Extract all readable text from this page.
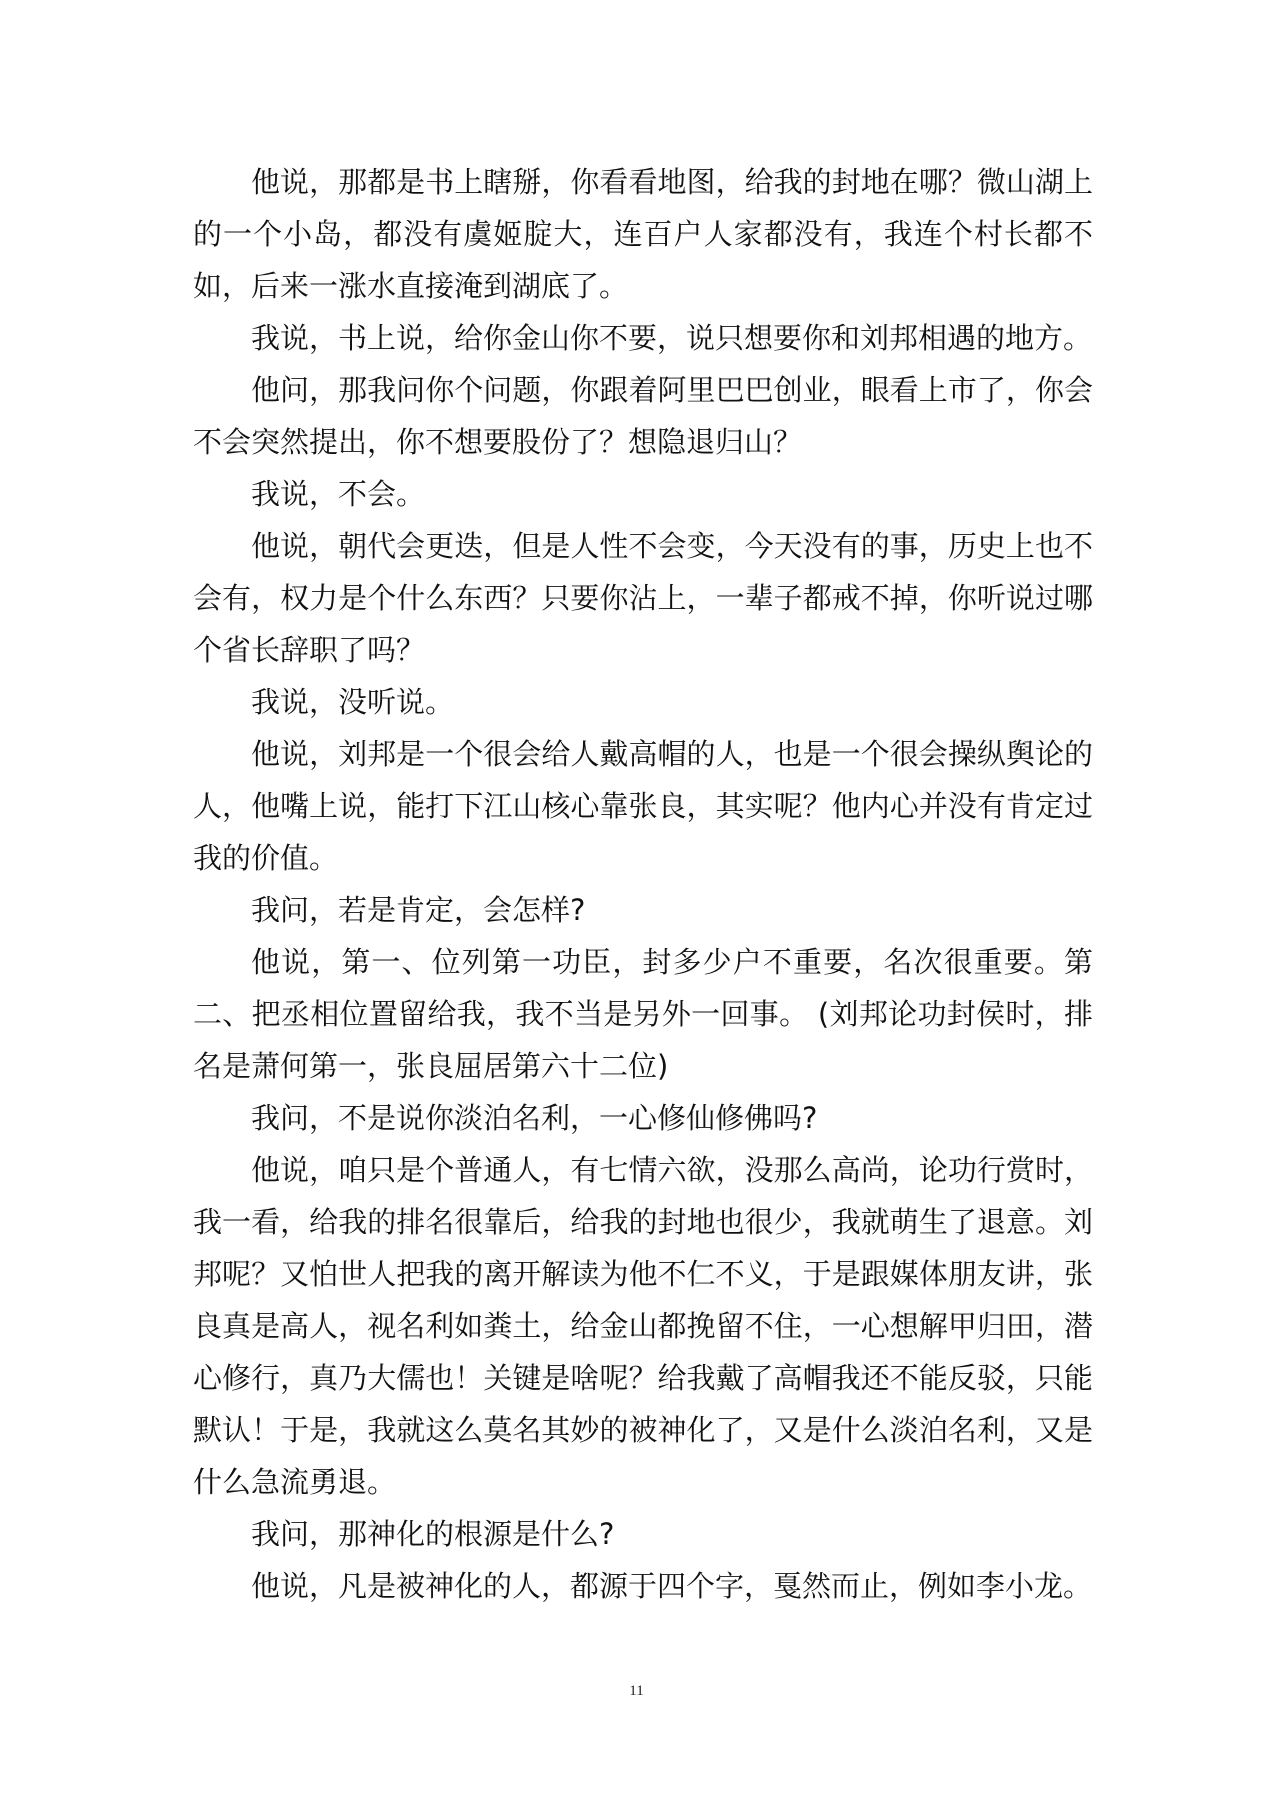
他说，那都是书上瞎掰，你看看地图，给我的封地在哪？微山湖上的一个小岛，都没有虞姬腚大，连百户人家都没有，我连个村长都不如，后来一涨水直接淹到湖底了。

我说，书上说，给你金山你不要，说只想要你和刘邦相遇的地方。

他问，那我问你个问题，你跟着阿里巴巴创业，眼看上市了，你会不会突然提出，你不想要股份了？想隐退归山？

我说，不会。

他说，朝代会更迭，但是人性不会变，今天没有的事，历史上也不会有，权力是个什么东西？只要你沾上，一辈子都戒不掉，你听说过哪个省长辞职了吗？

我说，没听说。

他说，刘邦是一个很会给人戴高帽的人，也是一个很会操纵舆论的人，他嘴上说，能打下江山核心靠张良，其实呢？他内心并没有肯定过我的价值。

我问，若是肯定，会怎样?

他说，第一、位列第一功臣，封多少户不重要，名次很重要。第二、把丞相位置留给我，我不当是另外一回事。 (刘邦论功封侯时，排名是萧何第一，张良屈居第六十二位)

我问，不是说你淡泊名利，一心修仙修佛吗?

他说，咱只是个普通人，有七情六欲，没那么高尚，论功行赏时，我一看，给我的排名很靠后，给我的封地也很少，我就萌生了退意。刘邦呢？又怕世人把我的离开解读为他不仁不义，于是跟媒体朋友讲，张良真是高人，视名利如粪土，给金山都挽留不住，一心想解甲归田，潜心修行，真乃大儒也！关键是啥呢？给我戴了高帽我还不能反驳，只能默认！于是，我就这么莫名其妙的被神化了，又是什么淡泊名利，又是什么急流勇退。

我问，那神化的根源是什么?

他说，凡是被神化的人，都源于四个字，戛然而止，例如李小龙。

11
